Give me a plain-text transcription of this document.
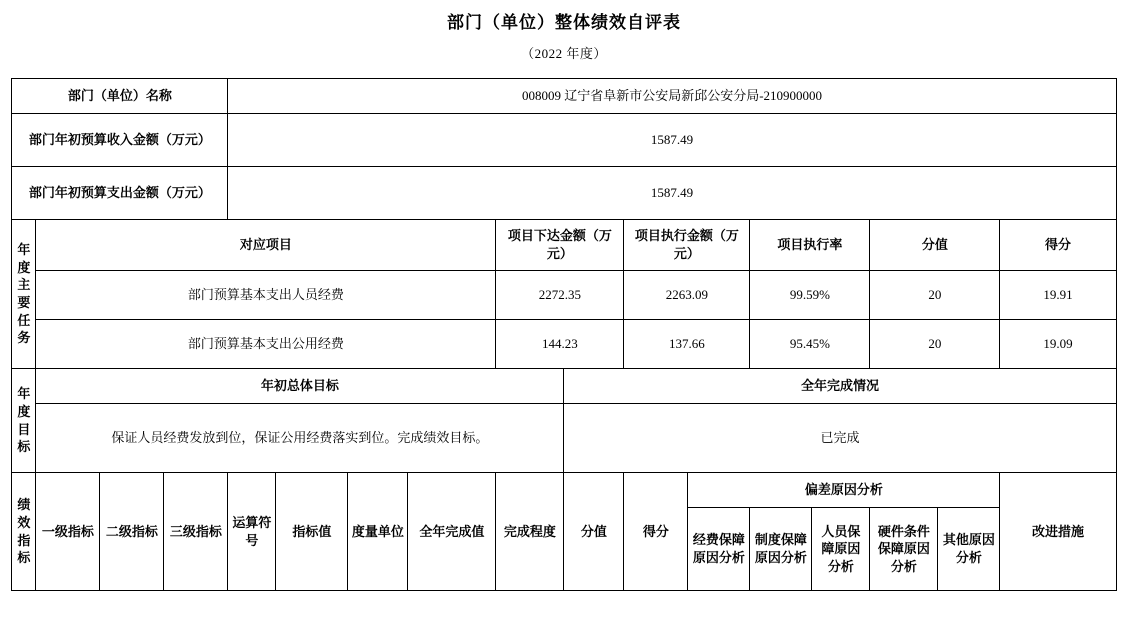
部门（单位）整体绩效自评表
（2022 年度）
部门（单位）名称				008009 辽宁省阜新市公安局新邱公安分局-210900000												
部门年初预算收入金额（万元）				1587.49												
部门年初预算支出金额（万元）				1587.49												

年
度
主
要
任
务
	对应项目	项目下达金额（万元）	项目执行金额（万元）	项目执行率	分值	得分
	部门预算基本支出人员经费							2272.35		2263.09		99.59%		20		19.91
	部门预算基本支出公用经费							144.23		137.66		95.45%		20		19.09

年
度
目
标	年初总体目标								全年完成情况							
	保证人员经费发放到位，保证公用经费落实到位。完成绩效目标。								已完成							

绩
效
指
标	一级指标	二级指标	三级指标	运算符号	指标值	度量单位	全年完成值	完成程度	分值	得分	偏差原因分析					改进措施
											经费保障原因分析	制度保障原因分析	人员保障原因分析	硬件条件保障原因分析	其他原因分析	
